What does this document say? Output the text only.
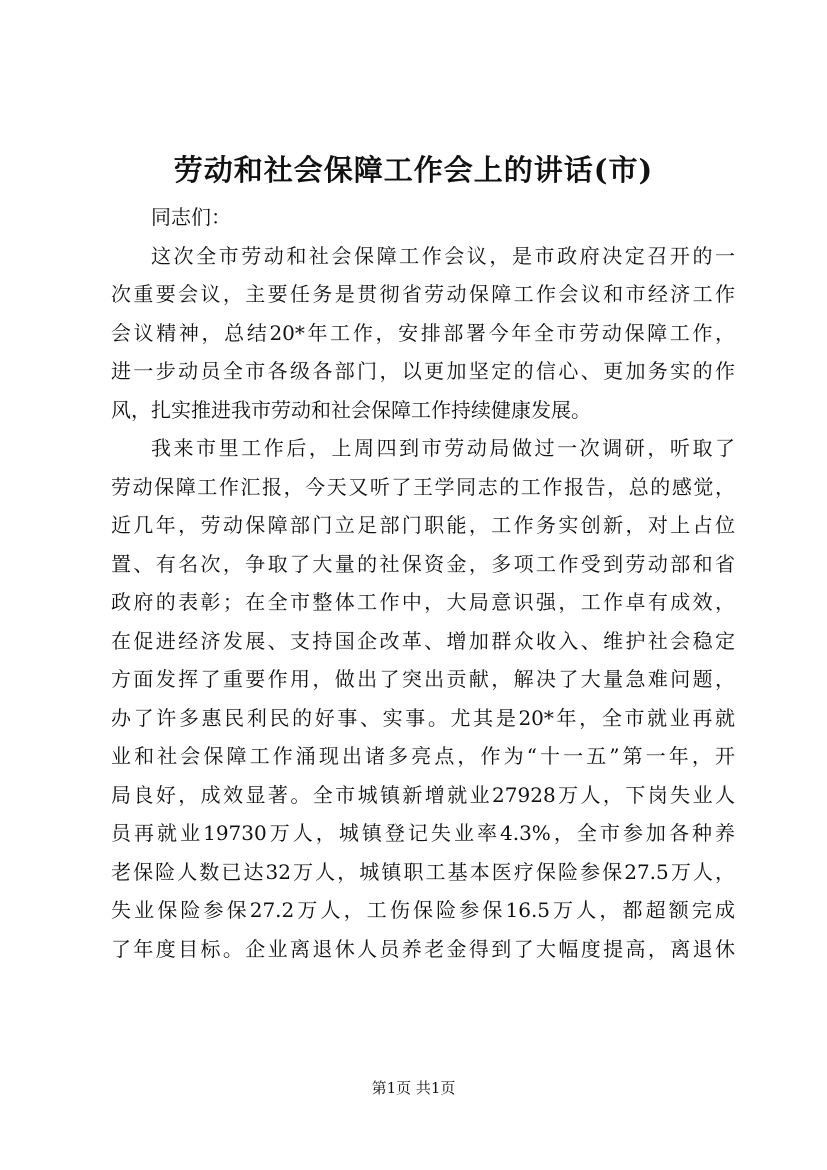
劳动和社会保障工作会上的讲话(市)
同志们：
这次全市劳动和社会保障工作会议，是市政府决定召开的一
次重要会议，主要任务是贯彻省劳动保障工作会议和市经济工作
会议精神，总结20*年工作，安排部署今年全市劳动保障工作，
进一步动员全市各级各部门，以更加坚定的信心、更加务实的作
风，扎实推进我市劳动和社会保障工作持续健康发展。
我来市里工作后，上周四到市劳动局做过一次调研，听取了
劳动保障工作汇报，今天又听了王学同志的工作报告，总的感觉，
近几年，劳动保障部门立足部门职能，工作务实创新，对上占位
置、有名次，争取了大量的社保资金，多项工作受到劳动部和省
政府的表彰；在全市整体工作中，大局意识强，工作卓有成效，
在促进经济发展、支持国企改革、增加群众收入、维护社会稳定
方面发挥了重要作用，做出了突出贡献，解决了大量急难问题，
办了许多惠民利民的好事、实事。尤其是20*年，全市就业再就
业和社会保障工作涌现出诸多亮点，作为“十一五”第一年，开
局良好，成效显著。全市城镇新增就业27928万人，下岗失业人
员再就业19730万人，城镇登记失业率4.3%，全市参加各种养
老保险人数已达32万人，城镇职工基本医疗保险参保27.5万人，
失业保险参保27.2万人，工伤保险参保16.5万人，都超额完成
了年度目标。企业离退休人员养老金得到了大幅度提高，离退休
第1页 共1页
